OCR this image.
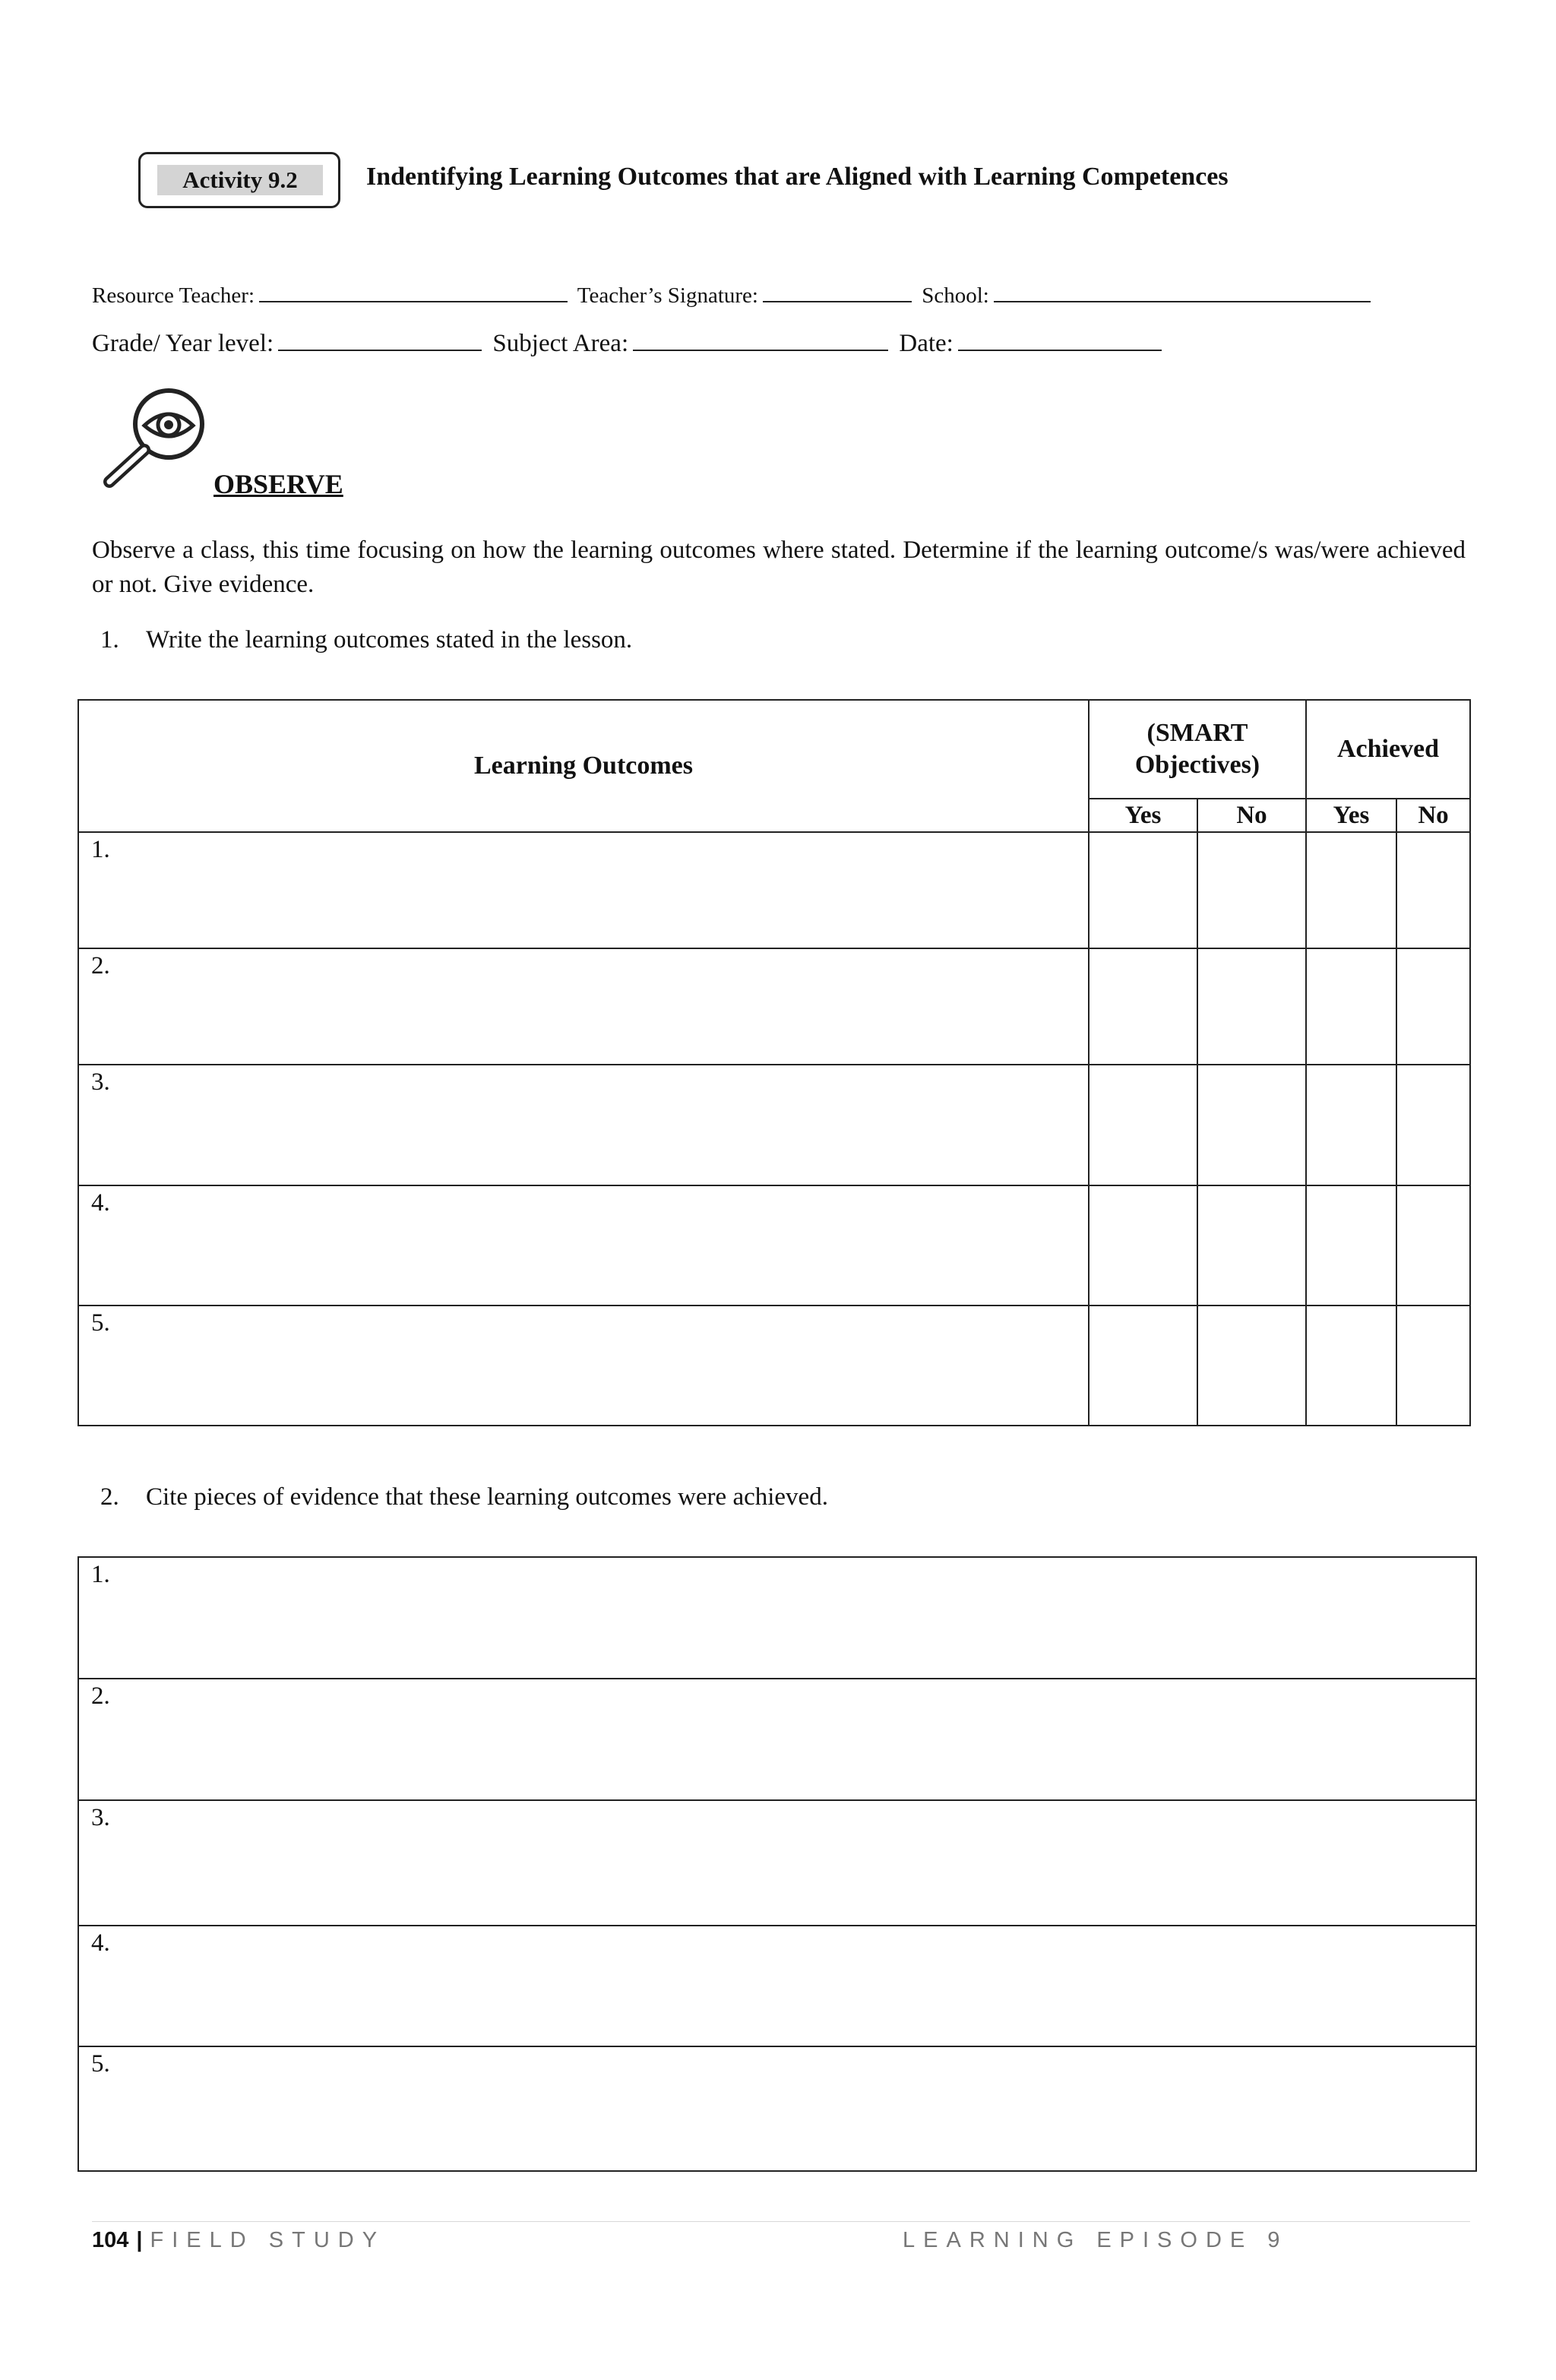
Activity 9.2	Indentifying Learning Outcomes that are Aligned with Learning Competences
Resource Teacher:	Teacher’s Signature:	School:
Grade/ Year level:	Subject Area:	Date:
OBSERVE
Observe a class, this time focusing on how the learning outcomes where stated. Determine if the learning outcome/s was/were achieved or not. Give evidence.
1. Write the learning outcomes stated in the lesson.
Learning Outcomes	(SMART Objectives)		Achieved	
	Yes	No	Yes	No
1.				
2.				
3.				
4.				
5.				
2. Cite pieces of evidence that these learning outcomes were achieved.
1.
2.
3.
4.
5.
104 | FIELD STUDY	LEARNING EPISODE 9
